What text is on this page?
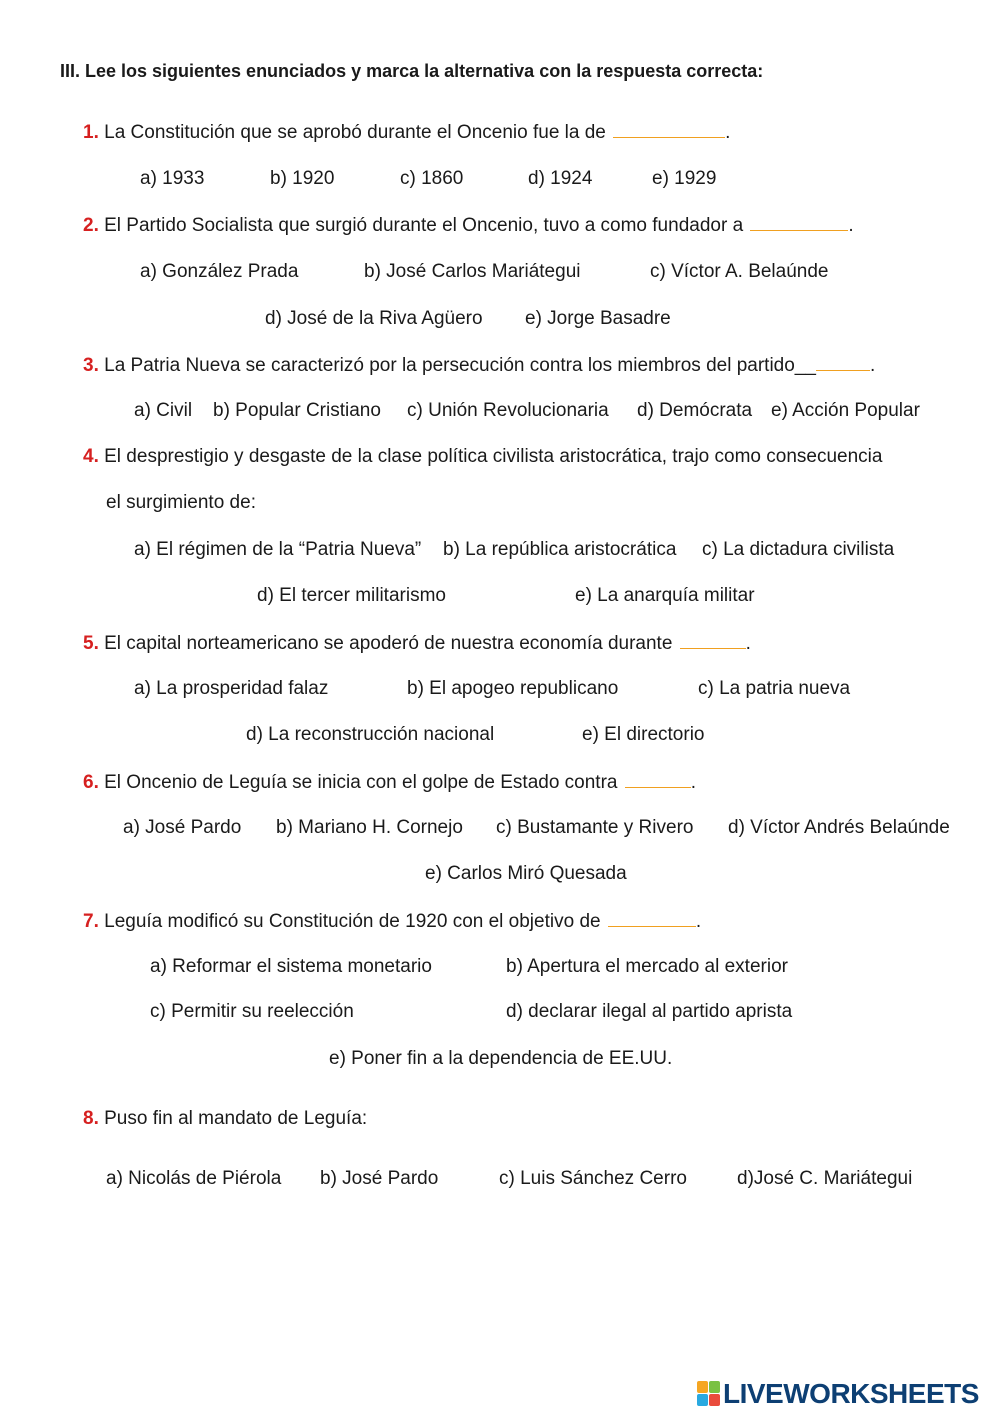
III. Lee los siguientes enunciados y marca la alternativa con la respuesta correcta:
1. La Constitución que se aprobó durante el Oncenio fue la de	.
a) 1933	b) 1920	c) 1860	d) 1924	e) 1929
2. El Partido Socialista que surgió durante el Oncenio, tuvo a como fundador a	.
a) González Prada	b) José Carlos Mariátegui	c) Víctor A. Belaúnde
d) José de la Riva Agüero e) Jorge Basadre
3. La Patria Nueva se caracterizó por la persecución contra los miembros del partido__	.
a) Civil b) Popular Cristiano c) Unión Revolucionaria d) Demócrata e) Acción Popular
4. El desprestigio y desgaste de la clase política civilista aristocrática, trajo como consecuencia
el surgimiento de:
a) El régimen de la “Patria Nueva” b) La república aristocrática c) La dictadura civilista
d) El tercer militarismo	e) La anarquía militar
5. El capital norteamericano se apoderó de nuestra economía durante	.
a) La prosperidad falaz	b) El apogeo republicano	c) La patria nueva
d) La reconstrucción nacional	e) El directorio
6. El Oncenio de Leguía se inicia con el golpe de Estado contra	.
a) José Pardo b) Mariano H. Cornejo c) Bustamante y Rivero d) Víctor Andrés Belaúnde
e) Carlos Miró Quesada
7. Leguía modificó su Constitución de 1920 con el objetivo de	.
a) Reformar el sistema monetario	b) Apertura el mercado al exterior
c) Permitir su reelección	d) declarar ilegal al partido aprista
e) Poner fin a la dependencia de EE.UU.
8. Puso fin al mandato de Leguía:
a) Nicolás de Piérola b) José Pardo	c) Luis Sánchez Cerro	d)José C. Mariátegui
LIVEWORKSHEETS
